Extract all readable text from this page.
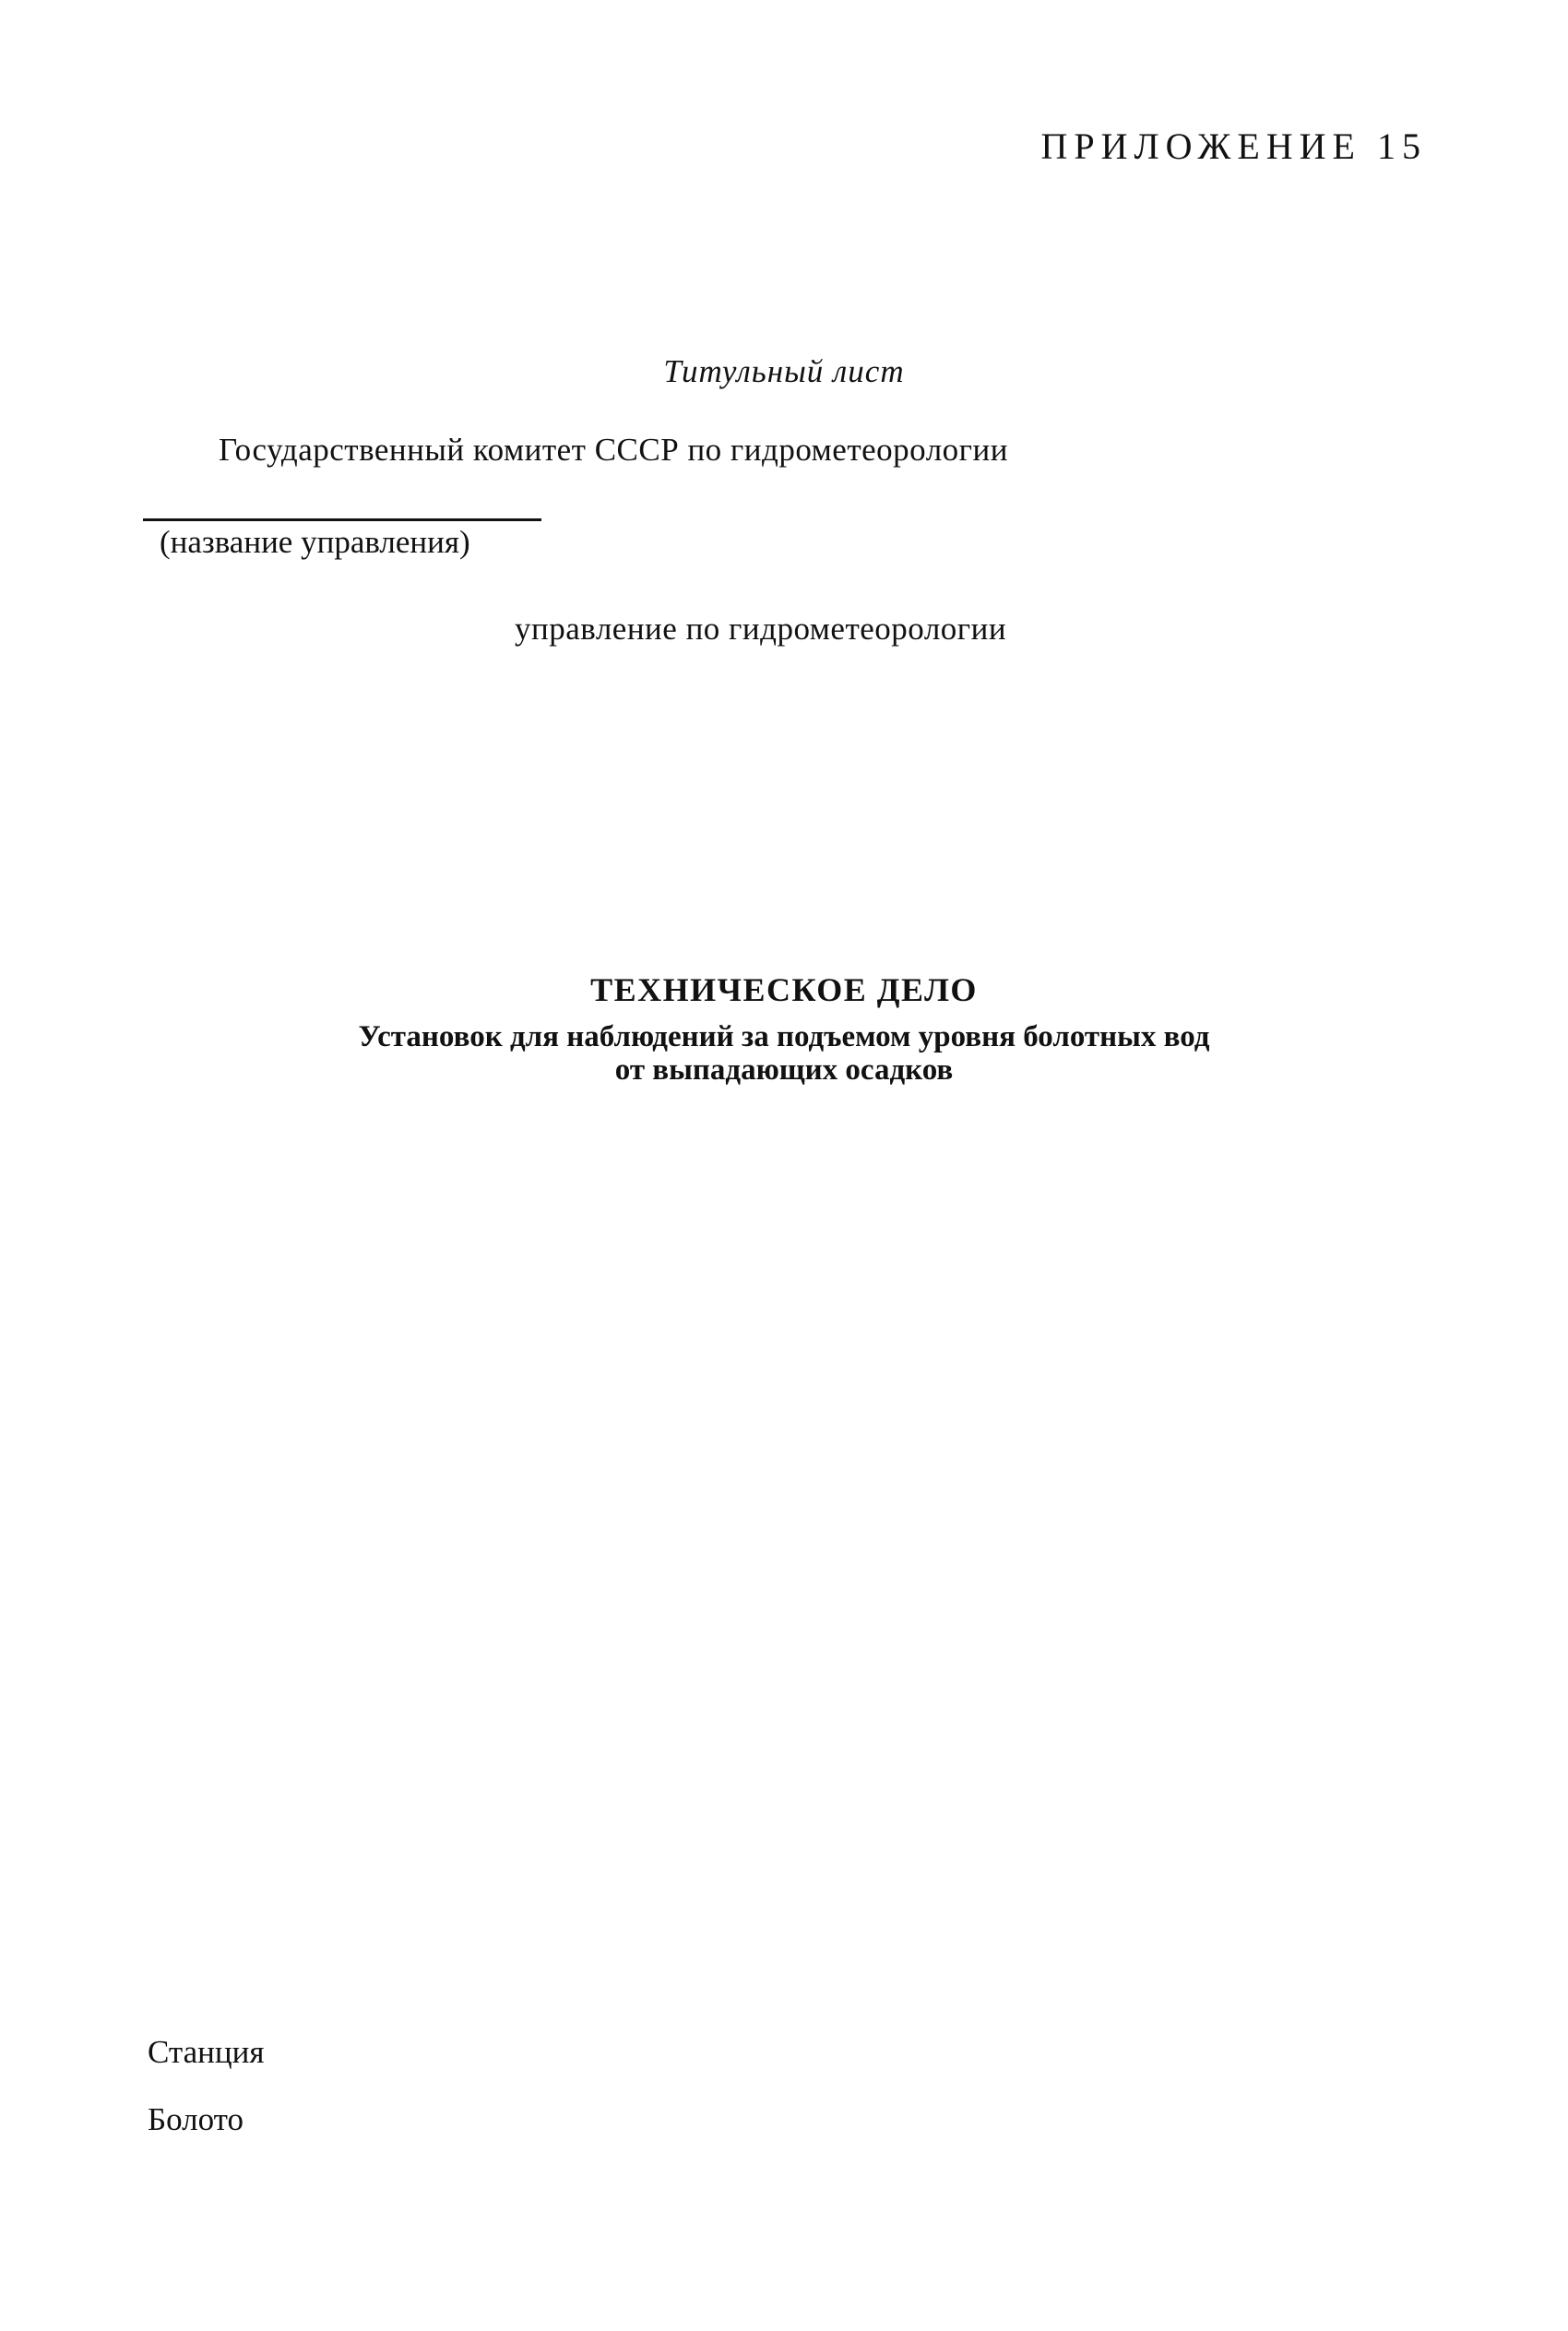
ПРИЛОЖЕНИЕ 15
Титульный лист
Государственный комитет СССР по гидрометеорологии
(название управления)
управление по гидрометеорологии
ТЕХНИЧЕСКОЕ ДЕЛО
Установок для наблюдений за подъемом уровня болотных вод
от выпадающих осадков
Станция
Болото
